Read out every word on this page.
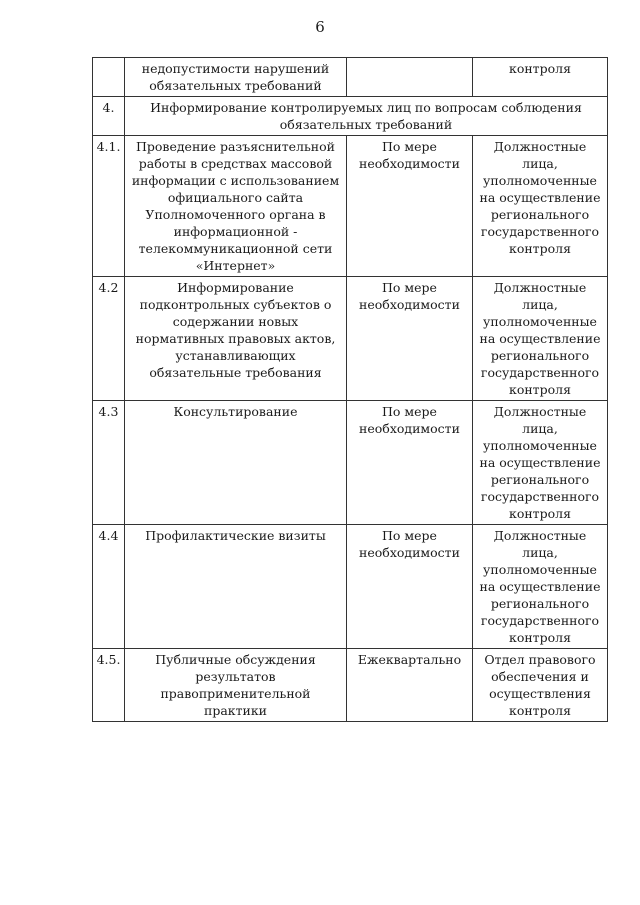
6
	недопустимости нарушений обязательных требований		контроля
4.	Информирование контролируемых лиц по вопросам соблюдения обязательных требований		
4.1.	Проведение разъяснительной работы в средствах массовой информации с использованием официального сайта Уполномоченного органа в информационной - телекоммуникационной сети «Интернет»	По мере необходимости	Должностные лица, уполномоченные на осуществление регионального государственного контроля
4.2	Информирование подконтрольных субъектов о содержании новых нормативных правовых актов, устанавливающих обязательные требования	По мере необходимости	Должностные лица, уполномоченные на осуществление регионального государственного контроля
4.3	Консультирование	По мере необходимости	Должностные лица, уполномоченные на осуществление регионального государственного контроля
4.4	Профилактические визиты	По мере необходимости	Должностные лица, уполномоченные на осуществление регионального государственного контроля
4.5.	Публичные обсуждения результатов правоприменительной практики	Ежеквартально	Отдел правового обеспечения и осуществления контроля
